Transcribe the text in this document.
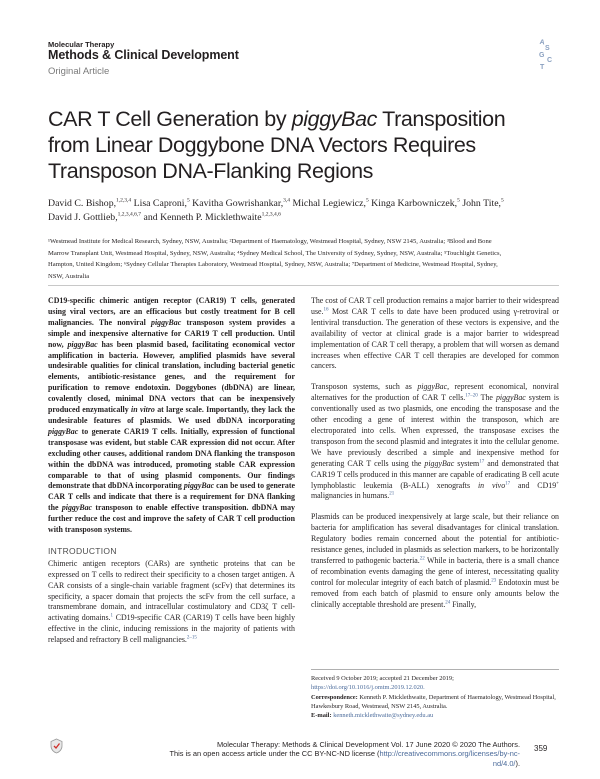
Molecular Therapy
Methods & Clinical Development
Original Article
A
S
G
C
T
CAR T Cell Generation by piggyBac Transposition
from Linear Doggybone DNA Vectors Requires
Transposon DNA-Flanking Regions
David C. Bishop,$^{1,2,3,4}$ Lisa Caproni,$^5$ Kavitha Gowrishankar,$^{3,4}$ Michal Legiewicz,$^5$ Kinga Karbowniczek,$^5$ John Tite,$^5$
David J. Gottlieb,$^{1,2,3,4,6,7}$ and Kenneth P. Micklethwaite$^{1,2,3,4,6}$
¹Westmead Institute for Medical Research, Sydney, NSW, Australia; ²Department of Haematology, Westmead Hospital, Sydney, NSW 2145, Australia; ³Blood and Bone
Marrow Transplant Unit, Westmead Hospital, Sydney, NSW, Australia; ⁴Sydney Medical School, The University of Sydney, Sydney, NSW, Australia; ⁵Touchlight Genetics,
Hampton, United Kingdom; ⁶Sydney Cellular Therapies Laboratory, Westmead Hospital, Sydney, NSW, Australia; ⁷Department of Medicine, Westmead Hospital, Sydney,
NSW, Australia

CD19-specific chimeric antigen receptor (CAR19) T cells, generated using viral vectors, are an efficacious but costly treatment for B cell malignancies. The nonviral piggyBac transposon system provides a simple and inexpensive alternative for CAR19 T cell production. Until now, piggyBac has been plasmid based, facilitating economical vector amplification in bacteria. However, amplified plasmids have several undesirable qualities for clinical translation, including bacterial genetic elements, antibiotic-resistance genes, and the requirement for purification to remove endotoxin. Doggybones (dbDNA) are linear, covalently closed, minimal DNA vectors that can be inexpensively produced enzymatically in vitro at large scale. Importantly, they lack the undesirable features of plasmids. We used dbDNA incorporating piggyBac to generate CAR19 T cells. Initially, expression of functional transposase was evident, but stable CAR expression did not occur. After excluding other causes, additional random DNA flanking the transposon within the dbDNA was introduced, promoting stable CAR expression comparable to that of using plasmid components. Our findings demonstrate that dbDNA incorporating piggyBac can be used to generate CAR T cells and indicate that there is a requirement for DNA flanking the piggyBac transposon to enable effective transposition. dbDNA may further reduce the cost and improve the safety of CAR T cell production with transposon systems.

INTRODUCTION

Chimeric antigen receptors (CARs) are synthetic proteins that can be expressed on T cells to redirect their specificity to a chosen target antigen. A CAR consists of a single-chain variable fragment (scFv) that determines its specificity, a spacer domain that projects the scFv from the cell surface, a transmembrane domain, and intracellular costimulatory and CD3ζ T cell-activating domains.$^1$ CD19-specific CAR (CAR19) T cells have been highly effective in the clinic, inducing remissions in the majority of patients with relapsed and refractory B cell malignancies.$^{2-15}$

The cost of CAR T cell production remains a major barrier to their widespread use.$^{16}$ Most CAR T cells to date have been produced using γ-retroviral or lentiviral transduction. The generation of these vectors is expensive, and the availability of vector at clinical grade is a major barrier to widespread implementation of CAR T cell therapy, a problem that will worsen as demand increases when effective CAR T cell therapies are developed for common cancers.

Transposon systems, such as piggyBac, represent economical, nonviral alternatives for the production of CAR T cells.$^{17-20}$ The piggyBac system is conventionally used as two plasmids, one encoding the transposase and the other encoding a gene of interest within the transposon, which are electroporated into cells. When expressed, the transposase excises the transposon from the second plasmid and integrates it into the cellular genome. We have previously described a simple and inexpensive method for generating CAR T cells using the piggyBac system$^{17}$ and demonstrated that CAR19 T cells produced in this manner are capable of eradicating B cell acute lymphoblastic leukemia (B-ALL) xenografts in vivo$^{17}$ and CD19+ malignancies in humans.$^{21}$

Plasmids can be produced inexpensively at large scale, but their reliance on bacteria for amplification has several disadvantages for clinical translation. Regulatory bodies remain concerned about the potential for antibiotic-resistance genes, included in plasmids as selection markers, to be horizontally transferred to pathogenic bacteria.$^{22}$ While in bacteria, there is a small chance of recombination events damaging the gene of interest, necessitating quality control for molecular integrity of each batch of plasmid.$^{23}$ Endotoxin must be removed from each batch of plasmid to ensure only amounts below the clinically acceptable threshold are present.$^{24}$ Finally,

Received 9 October 2019; accepted 21 December 2019;
https://doi.org/10.1016/j.omtm.2019.12.020.
Correspondence: Kenneth P. Micklethwaite, Department of Haematology, Westmead Hospital, Hawkesbury Road, Westmead, NSW 2145, Australia.
E-mail: kenneth.micklethwaite@sydney.edu.au
Molecular Therapy: Methods & Clinical Development Vol. 17 June 2020 © 2020 The Authors.
This is an open access article under the CC BY-NC-ND license (http://creativecommons.org/licenses/by-nc-nd/4.0/).
359
